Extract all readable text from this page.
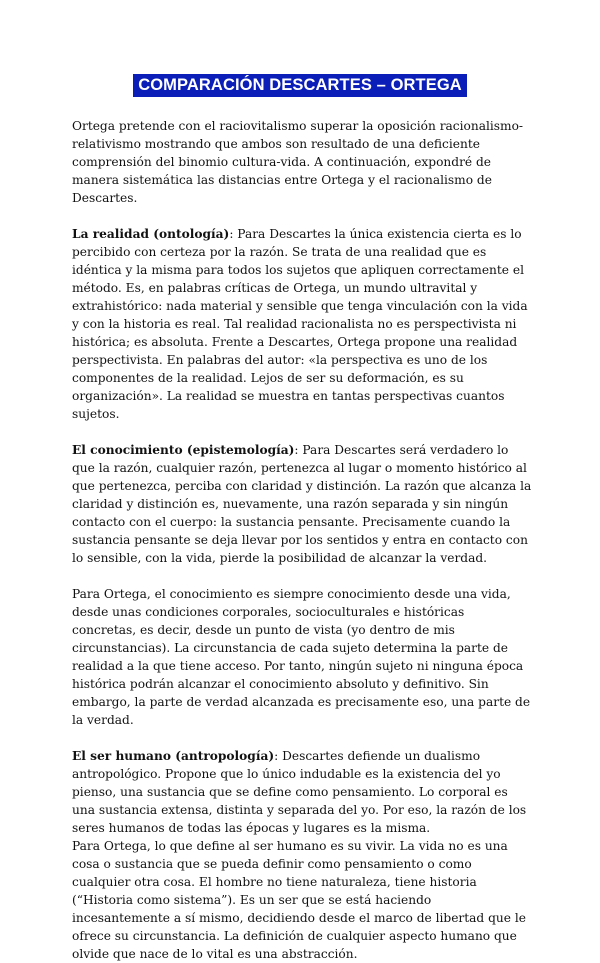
COMPARACIÓN DESCARTES – ORTEGA

Ortega pretende con el raciovitalismo superar la oposición racionalismo-relativismo mostrando que ambos son resultado de una deficiente comprensión del binomio cultura-vida. A continuación, expondré de manera sistemática las distancias entre Ortega y el racionalismo de Descartes.

La realidad (ontología): Para Descartes la única existencia cierta es lo percibido con certeza por la razón. Se trata de una realidad que es idéntica y la misma para todos los sujetos que apliquen correctamente el método. Es, en palabras críticas de Ortega, un mundo ultravital y extrahistórico: nada material y sensible que tenga vinculación con la vida y con la historia es real. Tal realidad racionalista no es perspectivista ni histórica; es absoluta. Frente a Descartes, Ortega propone una realidad perspectivista. En palabras del autor: «la perspectiva es uno de los componentes de la realidad. Lejos de ser su deformación, es su organización». La realidad se muestra en tantas perspectivas cuantos sujetos.

El conocimiento (epistemología): Para Descartes será verdadero lo que la razón, cualquier razón, pertenezca al lugar o momento histórico al que pertenezca, perciba con claridad y distinción. La razón que alcanza la claridad y distinción es, nuevamente, una razón separada y sin ningún contacto con el cuerpo: la sustancia pensante. Precisamente cuando la sustancia pensante se deja llevar por los sentidos y entra en contacto con lo sensible, con la vida, pierde la posibilidad de alcanzar la verdad.

Para Ortega, el conocimiento es siempre conocimiento desde una vida, desde unas condiciones corporales, socioculturales e históricas concretas, es decir, desde un punto de vista (yo dentro de mis circunstancias). La circunstancia de cada sujeto determina la parte de realidad a la que tiene acceso. Por tanto, ningún sujeto ni ninguna época histórica podrán alcanzar el conocimiento absoluto y definitivo. Sin embargo, la parte de verdad alcanzada es precisamente eso, una parte de la verdad.

El ser humano (antropología): Descartes defiende un dualismo antropológico. Propone que lo único indudable es la existencia del yo pienso, una sustancia que se define como pensamiento. Lo corporal es una sustancia extensa, distinta y separada del yo. Por eso, la razón de los seres humanos de todas las épocas y lugares es la misma.

Para Ortega, lo que define al ser humano es su vivir. La vida no es una cosa o sustancia que se pueda definir como pensamiento o como cualquier otra cosa. El hombre no tiene naturaleza, tiene historia (“Historia como sistema”). Es un ser que se está haciendo incesantemente a sí mismo, decidiendo desde el marco de libertad que le ofrece su circunstancia. La definición de cualquier aspecto humano que olvide que nace de lo vital es una abstracción.
